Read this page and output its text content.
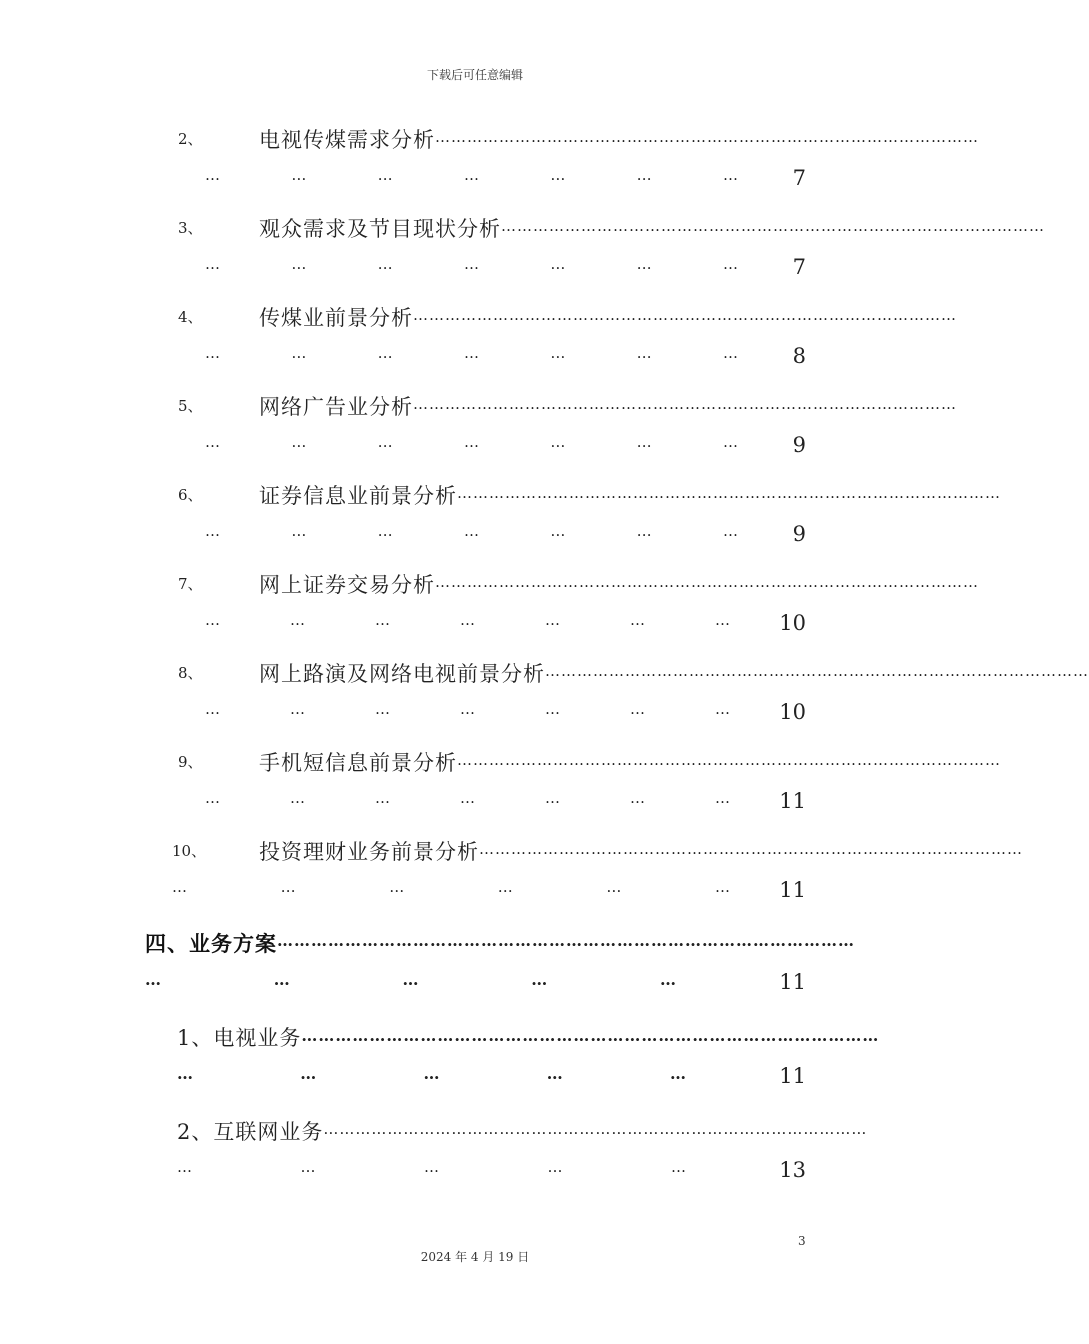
下载后可任意编辑
2、	电视传煤需求分析 …………………………………………………………………………………………
…	…	…	…	…	…	…	7
3、	观众需求及节目现状分析 …………………………………………………………………………………………
…	…	…	…	…	…	…	7
4、	传煤业前景分析 …………………………………………………………………………………………
…	…	…	…	…	…	…	8
5、	网络广告业分析 …………………………………………………………………………………………
…	…	…	…	…	…	…	9
6、	证券信息业前景分析 …………………………………………………………………………………………
…	…	…	…	…	…	…	9
7、	网上证券交易分析 …………………………………………………………………………………………
…	…	…	…	…	…	… 10
8、	网上路演及网络电视前景分析 …………………………………………………………………………………………
…	…	…	…	…	…	… 10
9、	手机短信息前景分析 …………………………………………………………………………………………
…	…	…	…	…	…	… 11
10、	投资理财业务前景分析 …………………………………………………………………………………………
…	…	…	…	…	… 11
四、业务方案 …………………………………………………………………………………………
…	…	…	…	…	11
1、电视业务 …………………………………………………………………………………………
…	…	…	…	…	11
2、互联网业务 …………………………………………………………………………………………
…	…	…	…	…	13
3
2024 年 4 月 19 日
